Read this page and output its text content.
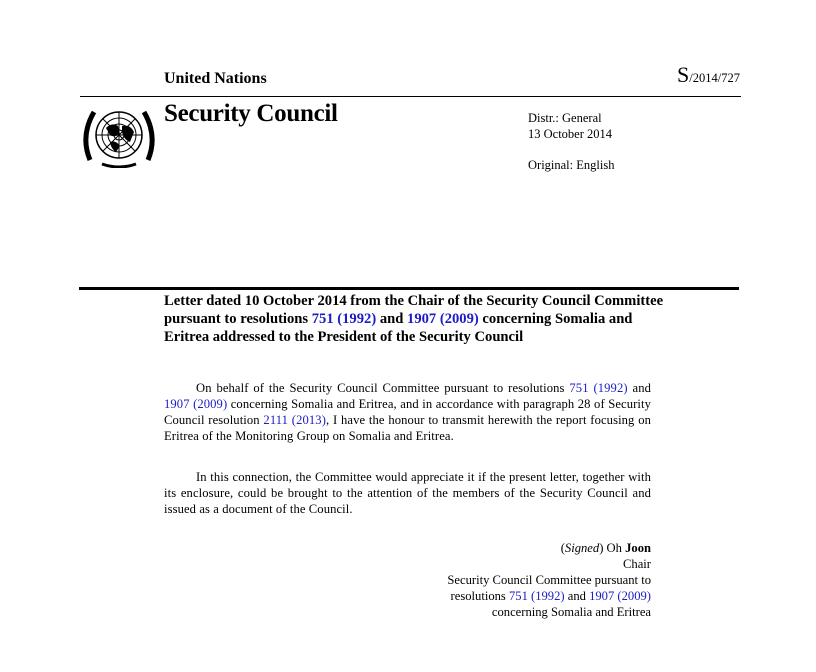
United Nations	S/2014/727
Security Council	Distr.: General
13 October 2014
Original: English
Letter dated 10 October 2014 from the Chair of the Security Council Committee pursuant to resolutions 751 (1992) and 1907 (2009) concerning Somalia and Eritrea addressed to the President of the Security Council

On behalf of the Security Council Committee pursuant to resolutions 751 (1992) and 1907 (2009) concerning Somalia and Eritrea, and in accordance with paragraph 28 of Security Council resolution 2111 (2013), I have the honour to transmit herewith the report focusing on Eritrea of the Monitoring Group on Somalia and Eritrea.

In this connection, the Committee would appreciate it if the present letter, together with its enclosure, could be brought to the attention of the members of the Security Council and issued as a document of the Council.

(Signed) Oh Joon
Chair
Security Council Committee pursuant to
resolutions 751 (1992) and 1907 (2009)
concerning Somalia and Eritrea
